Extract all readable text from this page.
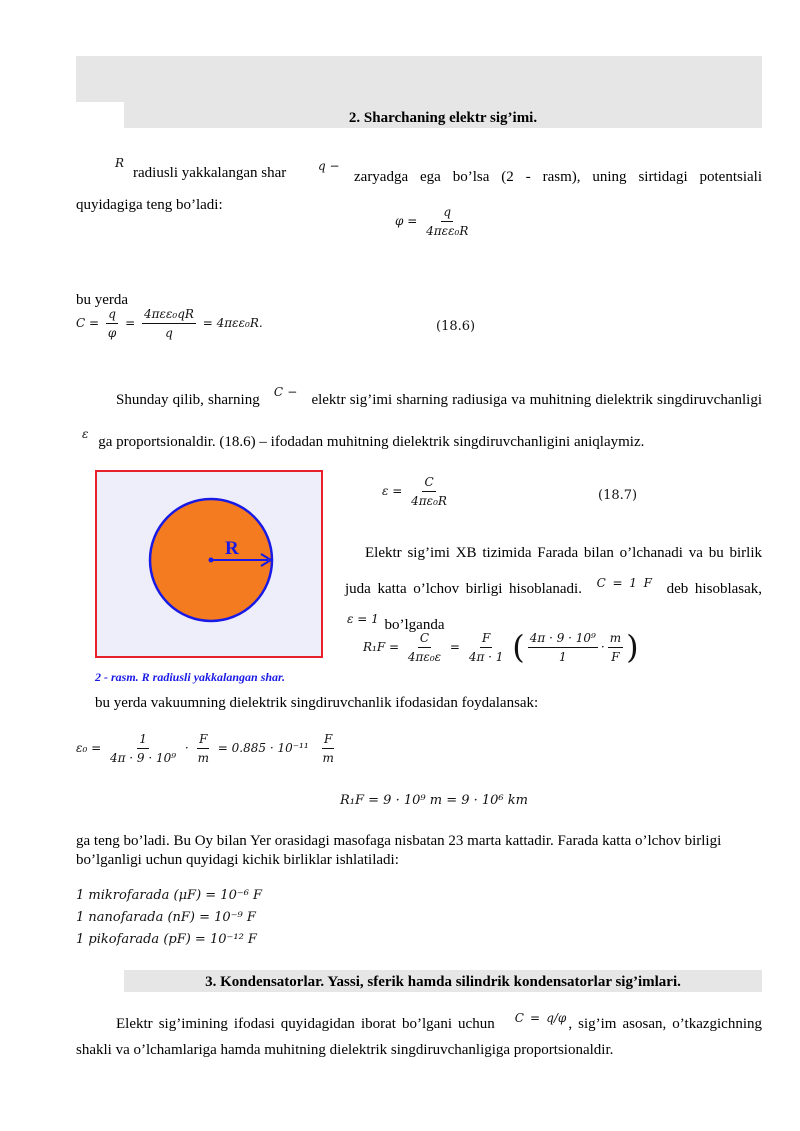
2. Sharchaning elektr sig’imi.
R
radiusli yakkalangan shar	q −
zaryadga ega bo’lsa (2 - rasm), uning sirtidagi potentsiali quyidagiga teng bo’ladi:
$\varphi = \frac{q}{\text{4πεε₀R}}$
bu yerda
$C = \frac{q}{\varphi} = \frac{\text{4πεε₀qR}}{q} = 4\pi\varepsilon\varepsilon_0R$.	(18.6)
Shunday qilib, sharning $^{C -}$ elektr sig’imi sharning radiusiga va muhitning dielektrik singdiruvchanligi $^\varepsilon$ ga proportsionaldir. (18.6) – ifodadan muhitning dielektrik singdiruvchanligini aniqlaymiz.
R
2 - rasm. R radiusli yakkalangan shar.
$\varepsilon = \frac{C}{\text{4πε₀R}}$	(18.7)
Elektr sig’imi XB tizimida Farada bilan o’lchanadi va bu birlik juda katta o’lchov birligi hisoblanadi. $^{C = 1 F}$ deb hisoblasak, $^{\varepsilon = 1}$ bo’lganda
$R_1F = \frac{C}{\text{4πε₀ε}} = \frac{F}{4\pi \cdot 1}$ ( $\frac{\text{4π · 9 · 10⁹}}{1} \cdot \frac{m}{F}$ )
bu yerda vakuumning dielektrik singdiruvchanlik ifodasidan foydalansak:
$\varepsilon_0 = \frac{1}{\text{4π · 9 · 10⁹}} \cdot \frac{F}{m} = 0.885 \cdot 10^{-11} \frac{F}{m}$
R₁F = 9 · 10⁹ m = 9 · 10⁶ km
ga teng bo’ladi. Bu Oy bilan Yer orasidagi masofaga nisbatan 23 marta kattadir. Farada katta o’lchov birligi bo’lganligi uchun quyidagi kichik birliklar ishlatiladi:
1 mikrofarada (μF) = 10⁻⁶ F
1 nanofarada (nF) = 10⁻⁹ F
1 pikofarada (pF) = 10⁻¹² F
3. Kondensatorlar. Yassi, sferik hamda silindrik kondensatorlar sig’imlari.
Elektr sig’imining ifodasi quyidagidan iborat bo’lgani uchun $^{C = q/\varphi}$ , sig’im asosan, o’tkazgichning shakli va o’lchamlariga hamda muhitning dielektrik singdiruvchanligiga proportsionaldir.
